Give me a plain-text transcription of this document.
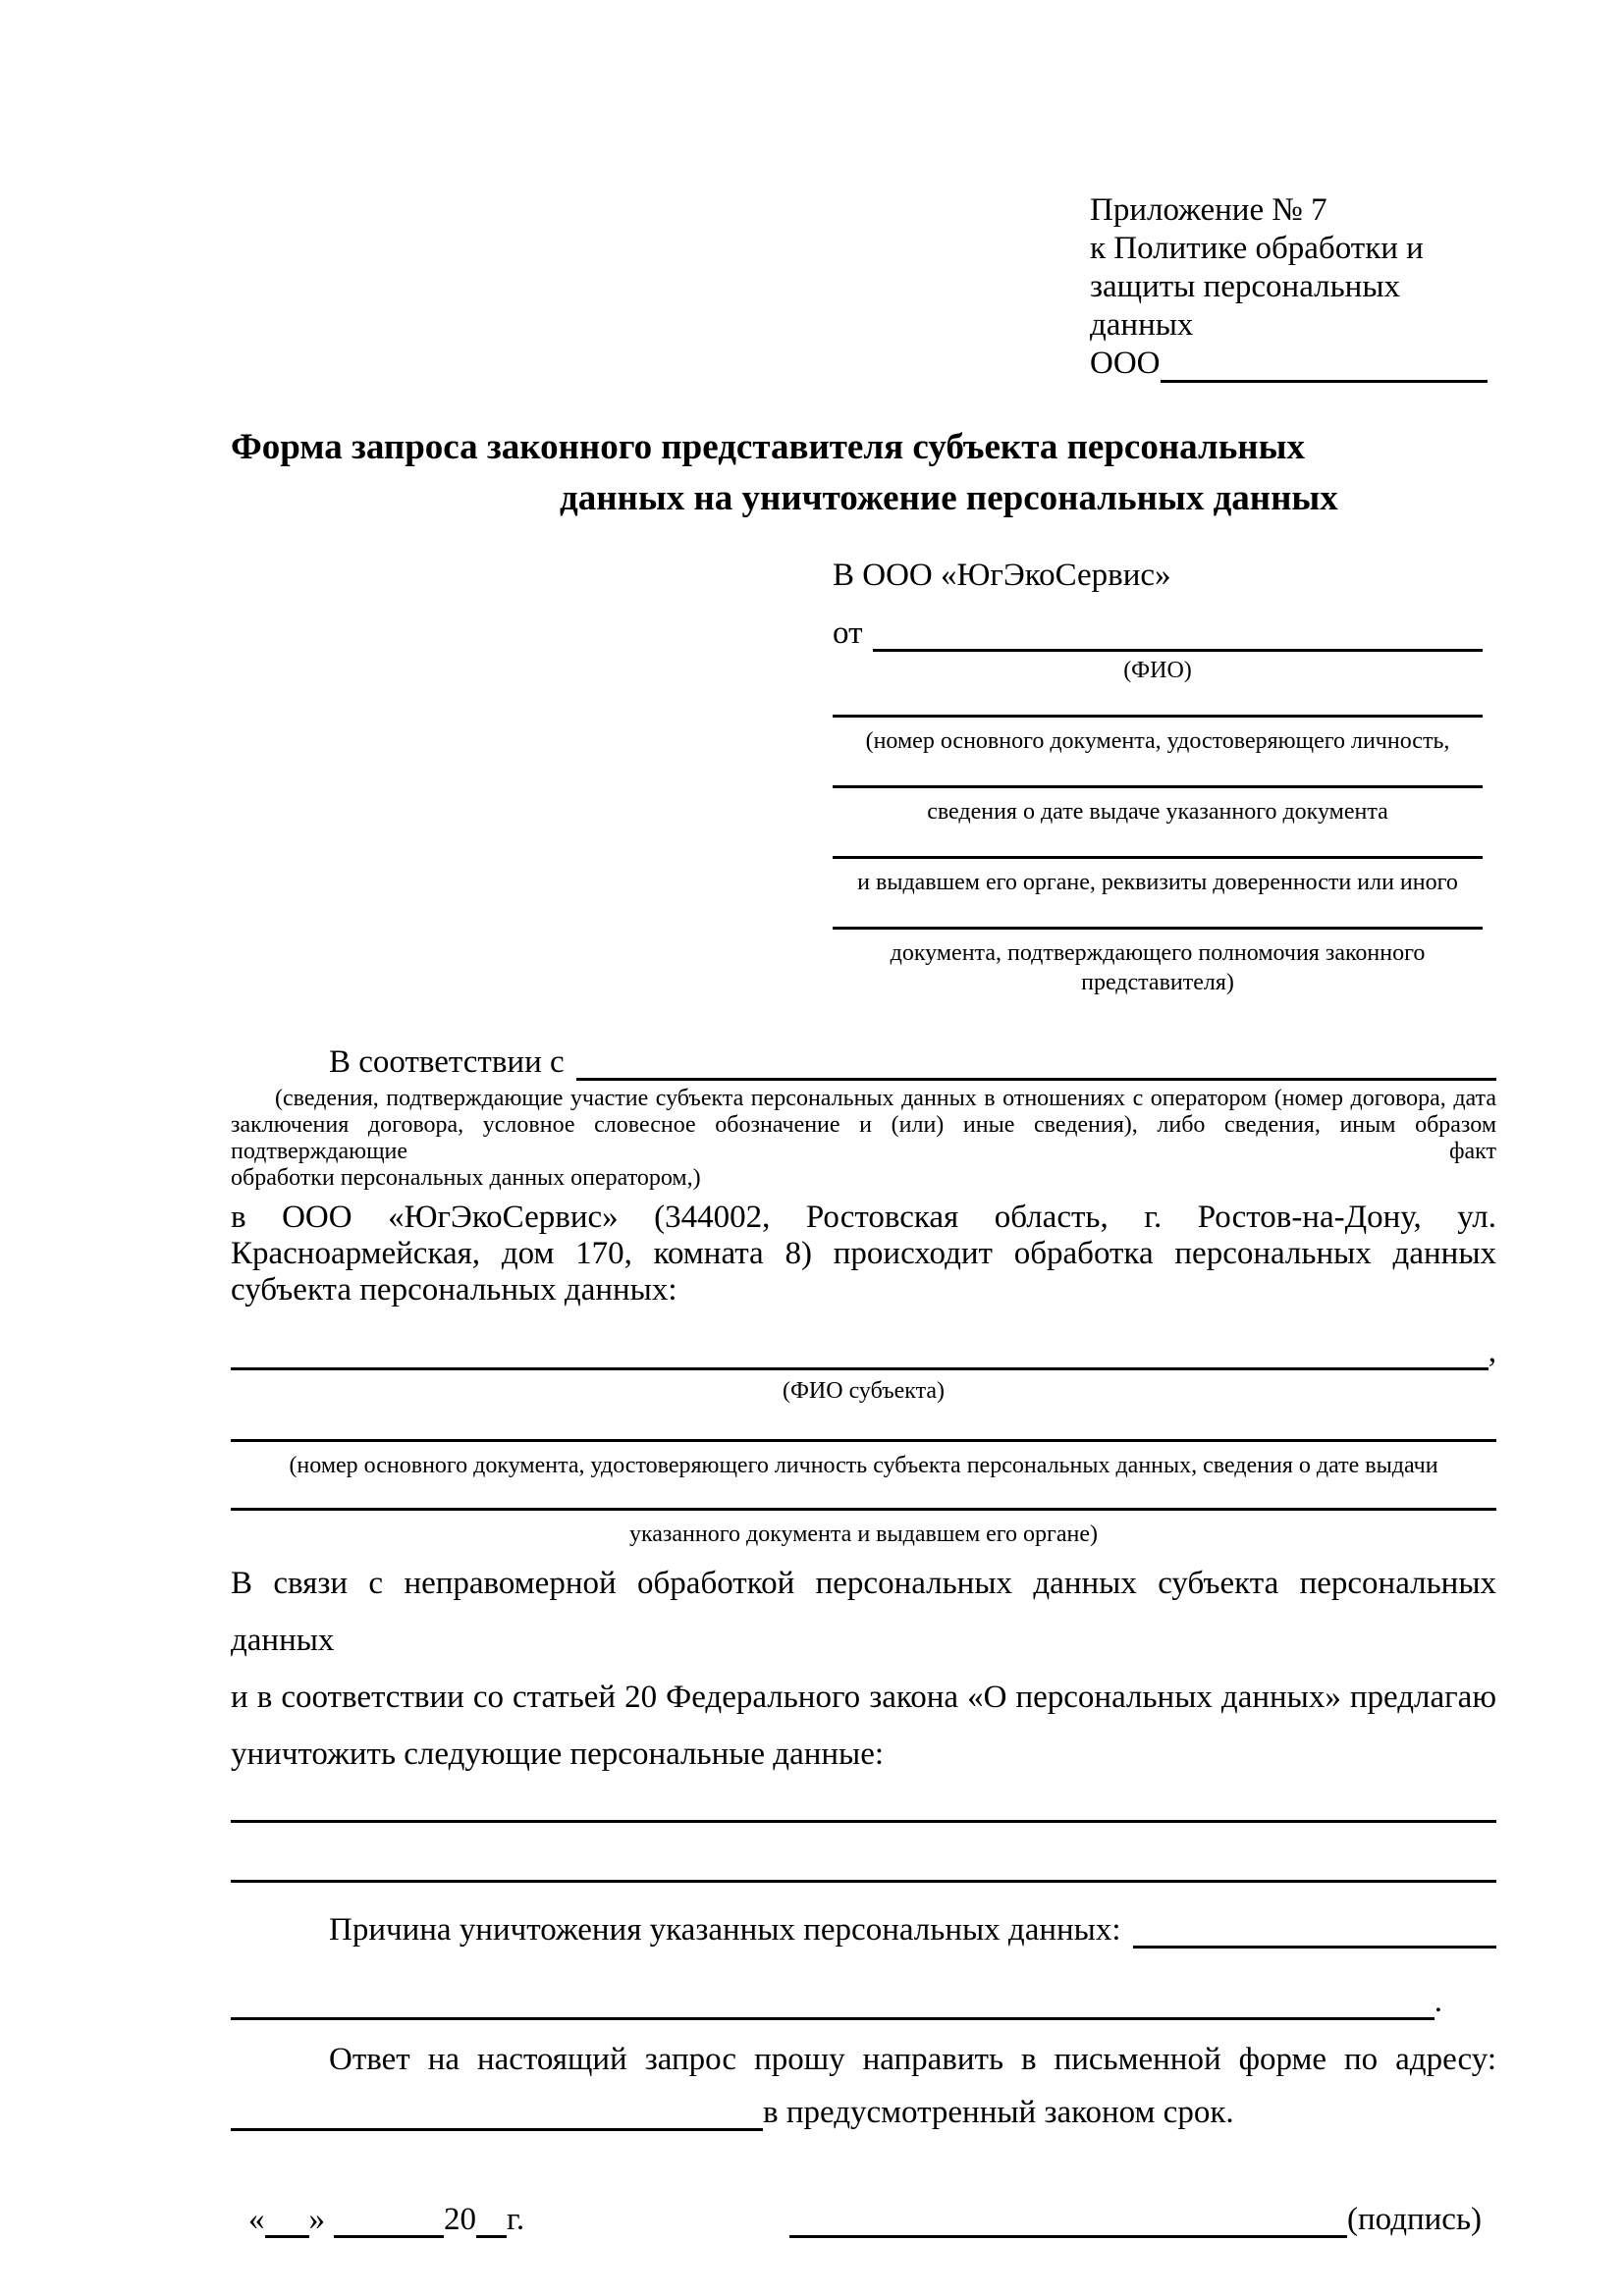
Приложение № 7
к Политике обработки и
защиты персональных данных
ООО
Форма запроса законного представителя субъекта персональных
данных на уничтожение персональных данных
В ООО «ЮгЭкоСервис»
от
(ФИО)
(номер основного документа, удостоверяющего личность,
сведения о дате выдаче указанного документа
и выдавшем его органе, реквизиты доверенности или иного
документа, подтверждающего полномочия законного представителя)
В соответствии с
(сведения, подтверждающие участие субъекта персональных данных в отношениях с оператором (номер договора, дата
заключения договора, условное словесное обозначение и (или) иные сведения), либо сведения, иным образом подтверждающие факт
обработки персональных данных оператором,)
в ООО «ЮгЭкоСервис» (344002, Ростовская область, г. Ростов-на-Дону, ул.
Красноармейская, дом 170, комната 8) происходит обработка персональных данных
субъекта персональных данных:
,
(ФИО субъекта)
(номер основного документа, удостоверяющего личность субъекта персональных данных, сведения о дате выдачи
указанного документа и выдавшем его органе)
В связи с неправомерной обработкой персональных данных субъекта персональных данных
и в соответствии со статьей 20 Федерального закона «О персональных данных» предлагаю
уничтожить следующие персональные данные:
Причина уничтожения указанных персональных данных:
.
Ответ на настоящий запрос прошу направить в письменной форме по адресу:
в предусмотренный законом срок.
« »	20 г.	(подпись)
